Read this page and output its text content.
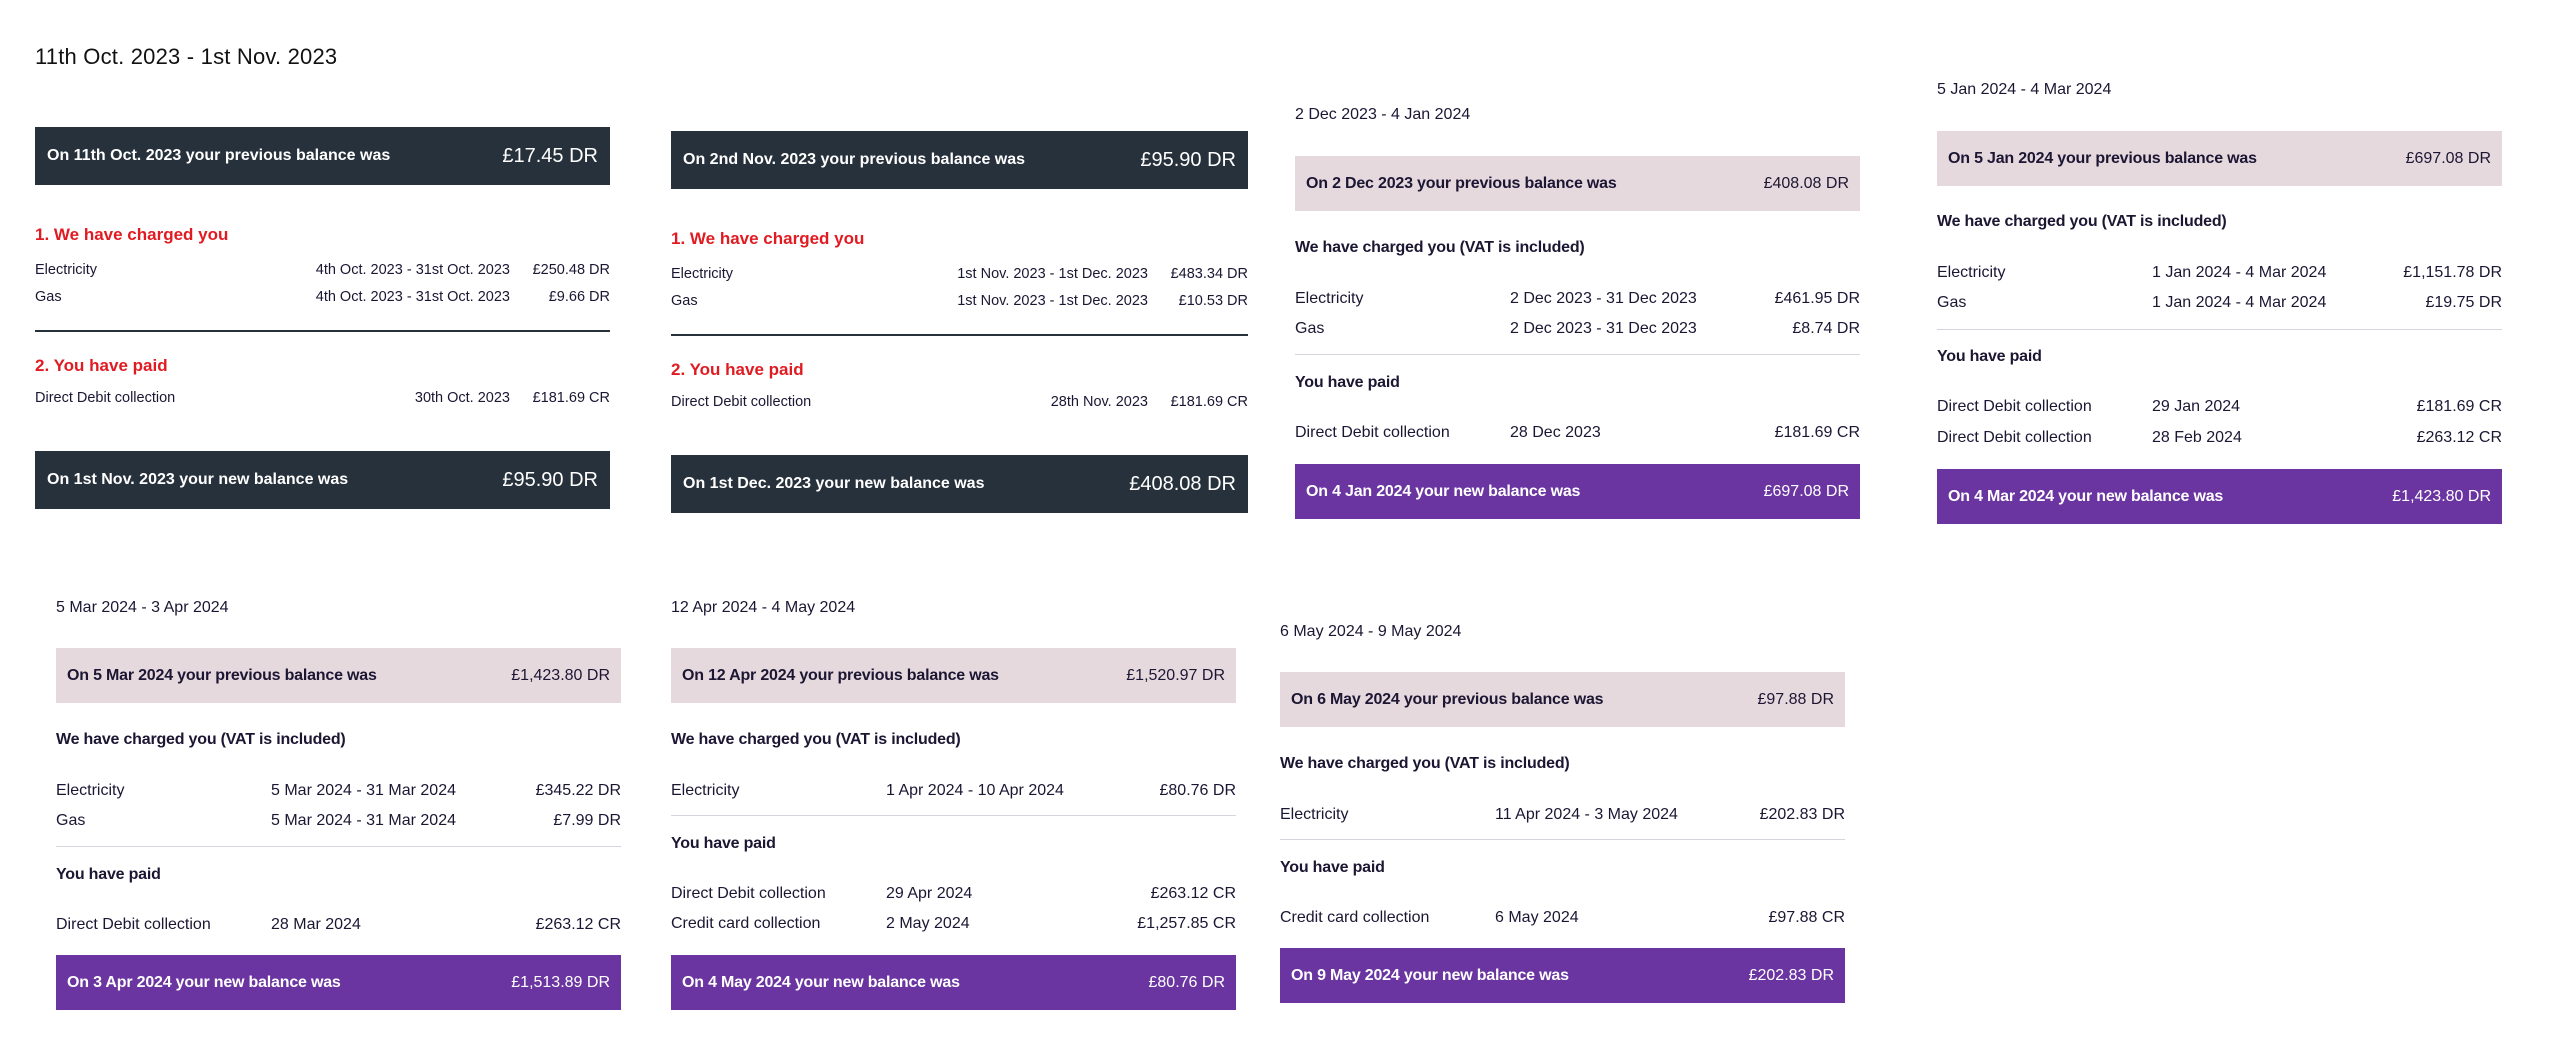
11th Oct. 2023 - 1st Nov. 2023
On 11th Oct. 2023 your previous balance was	£17.45 DR
1. We have charged you
Electricity	4th Oct. 2023 - 31st Oct. 2023	£250.48 DR
Gas	4th Oct. 2023 - 31st Oct. 2023	£9.66 DR
2. You have paid
Direct Debit collection	30th Oct. 2023	£181.69 CR
On 1st Nov. 2023 your new balance was	£95.90 DR
On 2nd Nov. 2023 your previous balance was	£95.90 DR
1. We have charged you
Electricity	1st Nov. 2023 - 1st Dec. 2023	£483.34 DR
Gas	1st Nov. 2023 - 1st Dec. 2023	£10.53 DR
2. You have paid
Direct Debit collection	28th Nov. 2023	£181.69 CR
On 1st Dec. 2023 your new balance was	£408.08 DR
2 Dec 2023 - 4 Jan 2024
On 2 Dec 2023 your previous balance was	£408.08 DR
We have charged you (VAT is included)
Electricity	2 Dec 2023 - 31 Dec 2023	£461.95 DR
Gas	2 Dec 2023 - 31 Dec 2023	£8.74 DR
You have paid
Direct Debit collection	28 Dec 2023	£181.69 CR
On 4 Jan 2024 your new balance was	£697.08 DR
5 Jan 2024 - 4 Mar 2024
On 5 Jan 2024 your previous balance was	£697.08 DR
We have charged you (VAT is included)
Electricity	1 Jan 2024 - 4 Mar 2024	£1,151.78 DR
Gas	1 Jan 2024 - 4 Mar 2024	£19.75 DR
You have paid
Direct Debit collection	29 Jan 2024	£181.69 CR
Direct Debit collection	28 Feb 2024	£263.12 CR
On 4 Mar 2024 your new balance was	£1,423.80 DR
5 Mar 2024 - 3 Apr 2024
On 5 Mar 2024 your previous balance was	£1,423.80 DR
We have charged you (VAT is included)
Electricity	5 Mar 2024 - 31 Mar 2024	£345.22 DR
Gas	5 Mar 2024 - 31 Mar 2024	£7.99 DR
You have paid
Direct Debit collection	28 Mar 2024	£263.12 CR
On 3 Apr 2024 your new balance was	£1,513.89 DR
12 Apr 2024 - 4 May 2024
On 12 Apr 2024 your previous balance was	£1,520.97 DR
We have charged you (VAT is included)
Electricity	1 Apr 2024 - 10 Apr 2024	£80.76 DR
You have paid
Direct Debit collection	29 Apr 2024	£263.12 CR
Credit card collection	2 May 2024	£1,257.85 CR
On 4 May 2024 your new balance was	£80.76 DR
6 May 2024 - 9 May 2024
On 6 May 2024 your previous balance was	£97.88 DR
We have charged you (VAT is included)
Electricity	11 Apr 2024 - 3 May 2024	£202.83 DR
You have paid
Credit card collection	6 May 2024	£97.88 CR
On 9 May 2024 your new balance was	£202.83 DR
